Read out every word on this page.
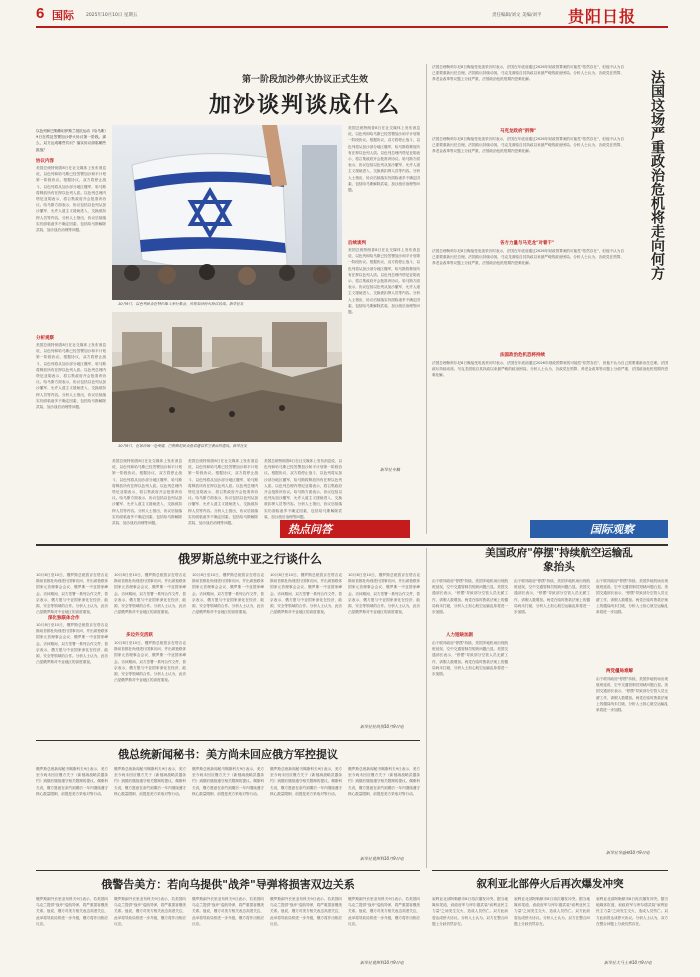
6 国际	2025年10月10日 星期五	责任编辑/刘文 美编/刘平 贵阳日报
第一阶段加沙停火协议正式生效
加沙谈判谈成什么
以色列和巴勒斯坦伊斯兰抵抗运动（哈马斯）9日在埃及签署加沙停火协议第一阶段。那么，双方达成哪些共识？落实协议面临哪些挑战？
协议内容
美国总统特朗普8日在社交媒体上发布消息说，以色列和哈马斯已经签署加沙和平计划第一阶段协议。根据协议，双方将停止战斗，以色列将从加沙部分地区撤军，哈马斯将释放所有在押以色列人质。以色列总理内塔尼亚胡表示，将召集政府开会批准该协议。哈马斯方面表示，协议包括以色列从加沙撤军、允许人道主义援助进入、交换被扣押人员等内容。分析人士指出，协议后续落实仍面临诸多不确定因素，包括哈马斯解除武装、加沙战后治理等问题。
分析观察
美国总统特朗普8日在社交媒体上发布消息说，以色列和哈马斯已经签署加沙和平计划第一阶段协议。根据协议，双方将停止战斗，以色列将从加沙部分地区撤军，哈马斯将释放所有在押以色列人质。以色列总理内塔尼亚胡表示，将召集政府开会批准该协议。哈马斯方面表示，协议包括以色列从加沙撤军、允许人道主义援助进入、交换被扣押人员等内容。分析人士指出，协议后续落实仍面临诸多不确定因素，包括哈马斯解除武装、加沙战后治理等问题。
10月9日，以色列民众在特拉维夫举行集会，庆祝加沙停火协议达成。新华社发
10月9日，在加沙城一处废墟，巴勒斯坦民众查看遭以军空袭后的建筑。新华社发
美国总统特朗普8日在社交媒体上发布消息说，以色列和哈马斯已经签署加沙和平计划第一阶段协议。根据协议，双方将停止战斗，以色列将从加沙部分地区撤军，哈马斯将释放所有在押以色列人质。以色列总理内塔尼亚胡表示，将召集政府开会批准该协议。哈马斯方面表示，协议包括以色列从加沙撤军、允许人道主义援助进入、交换被扣押人员等内容。分析人士指出，协议后续落实仍面临诸多不确定因素，包括哈马斯解除武装、加沙战后治理等问题。
美国总统特朗普8日在社交媒体上发布消息说，以色列和哈马斯已经签署加沙和平计划第一阶段协议。根据协议，双方将停止战斗，以色列将从加沙部分地区撤军，哈马斯将释放所有在押以色列人质。以色列总理内塔尼亚胡表示，将召集政府开会批准该协议。哈马斯方面表示，协议包括以色列从加沙撤军、允许人道主义援助进入、交换被扣押人员等内容。分析人士指出，协议后续落实仍面临诸多不确定因素，包括哈马斯解除武装、加沙战后治理等问题。
美国总统特朗普8日在社交媒体上发布消息说，以色列和哈马斯已经签署加沙和平计划第一阶段协议。根据协议，双方将停止战斗，以色列将从加沙部分地区撤军，哈马斯将释放所有在押以色列人质。以色列总理内塔尼亚胡表示，将召集政府开会批准该协议。哈马斯方面表示，协议包括以色列从加沙撤军、允许人道主义援助进入、交换被扣押人员等内容。分析人士指出，协议后续落实仍面临诸多不确定因素，包括哈马斯解除武装、加沙战后治理等问题。
美国总统特朗普8日在社交媒体上发布消息说，以色列和哈马斯已经签署加沙和平计划第一阶段协议。根据协议，双方将停止战斗，以色列将从加沙部分地区撤军，哈马斯将释放所有在押以色列人质。以色列总理内塔尼亚胡表示，将召集政府开会批准该协议。哈马斯方面表示，协议包括以色列从加沙撤军、允许人道主义援助进入、交换被扣押人员等内容。分析人士指出，协议后续落实仍面临诸多不确定因素，包括哈马斯解除武装、加沙战后治理等问题。
后续谈判
美国总统特朗普8日在社交媒体上发布消息说，以色列和哈马斯已经签署加沙和平计划第一阶段协议。根据协议，双方将停止战斗，以色列将从加沙部分地区撤军，哈马斯将释放所有在押以色列人质。以色列总理内塔尼亚胡表示，将召集政府开会批准该协议。哈马斯方面表示，协议包括以色列从加沙撤军、允许人道主义援助进入、交换被扣押人员等内容。分析人士指出，协议后续落实仍面临诸多不确定因素，包括哈马斯解除武装、加沙战后治理等问题。
新华社专稿
热点问答	国际观察
法国总理勒科尔尼8日晚接受电视采访时表示，法国在年底前通过2026年财政预算案的可能性"依然存在"，但他不认为自己需要重新出任总理。法国政坛持续动荡，马克龙面临自其执政以来最严峻的政治困局。分析人士认为，各政党在预算、养老金改革等议题上分歧严重，法国政治危机短期内恐难化解。
马克龙政府"拆弹"
法国总理勒科尔尼8日晚接受电视采访时表示，法国在年底前通过2026年财政预算案的可能性"依然存在"，但他不认为自己需要重新出任总理。法国政坛持续动荡，马克龙面临自其执政以来最严峻的政治困局。分析人士认为，各政党在预算、养老金改革等议题上分歧严重，法国政治危机短期内恐难化解。
各方力量与马克龙"对着干"
法国总理勒科尔尼8日晚接受电视采访时表示，法国在年底前通过2026年财政预算案的可能性"依然存在"，但他不认为自己需要重新出任总理。法国政坛持续动荡，马克龙面临自其执政以来最严峻的政治困局。分析人士认为，各政党在预算、养老金改革等议题上分歧严重，法国政治危机短期内恐难化解。
法国政治危机恐将持续
法国总理勒科尔尼8日晚接受电视采访时表示，法国在年底前通过2026年财政预算案的可能性"依然存在"，但他不认为自己需要重新出任总理。法国政坛持续动荡，马克龙面临自其执政以来最严峻的政治困局。分析人士认为，各政党在预算、养老金改革等议题上分歧严重，法国政治危机短期内恐难化解。
法国这场严重政治危机将走向何方
俄罗斯总统中亚之行谈什么
10月8日至10日，俄罗斯总统普京在塔吉克斯坦首都杜尚别进行国事访问，并出席独联体国家元首理事会会议、俄罗斯－中亚国家峰会。访问期间，双方签署一系列合作文件，普京表示，俄方愿与中亚国家深化在经济、能源、安全等领域的合作。分析人士认为，此访凸显俄罗斯对中亚地区的高度重视。
深化独联体合作
10月8日至10日，俄罗斯总统普京在塔吉克斯坦首都杜尚别进行国事访问，并出席独联体国家元首理事会会议、俄罗斯－中亚国家峰会。访问期间，双方签署一系列合作文件，普京表示，俄方愿与中亚国家深化在经济、能源、安全等领域的合作。分析人士认为，此访凸显俄罗斯对中亚地区的高度重视。
10月8日至10日，俄罗斯总统普京在塔吉克斯坦首都杜尚别进行国事访问，并出席独联体国家元首理事会会议、俄罗斯－中亚国家峰会。访问期间，双方签署一系列合作文件，普京表示，俄方愿与中亚国家深化在经济、能源、安全等领域的合作。分析人士认为，此访凸显俄罗斯对中亚地区的高度重视。
多边外交活跃
10月8日至10日，俄罗斯总统普京在塔吉克斯坦首都杜尚别进行国事访问，并出席独联体国家元首理事会会议、俄罗斯－中亚国家峰会。访问期间，双方签署一系列合作文件，普京表示，俄方愿与中亚国家深化在经济、能源、安全等领域的合作。分析人士认为，此访凸显俄罗斯对中亚地区的高度重视。
10月8日至10日，俄罗斯总统普京在塔吉克斯坦首都杜尚别进行国事访问，并出席独联体国家元首理事会会议、俄罗斯－中亚国家峰会。访问期间，双方签署一系列合作文件，普京表示，俄方愿与中亚国家深化在经济、能源、安全等领域的合作。分析人士认为，此访凸显俄罗斯对中亚地区的高度重视。
10月8日至10日，俄罗斯总统普京在塔吉克斯坦首都杜尚别进行国事访问，并出席独联体国家元首理事会会议、俄罗斯－中亚国家峰会。访问期间，双方签署一系列合作文件，普京表示，俄方愿与中亚国家深化在经济、能源、安全等领域的合作。分析人士认为，此访凸显俄罗斯对中亚地区的高度重视。
10月8日至10日，俄罗斯总统普京在塔吉克斯坦首都杜尚别进行国事访问，并出席独联体国家元首理事会会议、俄罗斯－中亚国家峰会。访问期间，双方签署一系列合作文件，普京表示，俄方愿与中亚国家深化在经济、能源、安全等领域的合作。分析人士认为，此访凸显俄罗斯对中亚地区的高度重视。
新华社杜尚别10月9日电
美国政府"停摆"持续航空运输乱象抬头
由于联邦政府"停摆"持续，美国多地机场出现航班延误，空中交通管制员短缺问题凸显。美国交通部长表示，"停摆"导致部分空管人员无薪工作，请假人数增加。两党在临时拨款法案上的僵局尚未打破，分析人士担心航空运输乱象将进一步加剧。
人力短缺加剧
由于联邦政府"停摆"持续，美国多地机场出现航班延误，空中交通管制员短缺问题凸显。美国交通部长表示，"停摆"导致部分空管人员无薪工作，请假人数增加。两党在临时拨款法案上的僵局尚未打破，分析人士担心航空运输乱象将进一步加剧。
由于联邦政府"停摆"持续，美国多地机场出现航班延误，空中交通管制员短缺问题凸显。美国交通部长表示，"停摆"导致部分空管人员无薪工作，请假人数增加。两党在临时拨款法案上的僵局尚未打破，分析人士担心航空运输乱象将进一步加剧。
两党僵局难解
由于联邦政府"停摆"持续，美国多地机场出现航班延误，空中交通管制员短缺问题凸显。美国交通部长表示，"停摆"导致部分空管人员无薪工作，请假人数增加。两党在临时拨款法案上的僵局尚未打破，分析人士担心航空运输乱象将进一步加剧。
由于联邦政府"停摆"持续，美国多地机场出现航班延误，空中交通管制员短缺问题凸显。美国交通部长表示，"停摆"导致部分空管人员无薪工作，请假人数增加。两党在临时拨款法案上的僵局尚未打破，分析人士担心航空运输乱象将进一步加剧。
新华社华盛顿10月9日电
俄总统新闻秘书：美方尚未回应俄方军控提议
俄罗斯总统新闻秘书佩斯科夫9日表示，美方至今尚未回应俄方关于《新削减战略武器条约》到期后继续遵守相关限制的提议。佩斯科夫说，俄方愿意在条约到期后一年内继续遵守核心数量限制，前提是美方采取对等行动。
俄罗斯总统新闻秘书佩斯科夫9日表示，美方至今尚未回应俄方关于《新削减战略武器条约》到期后继续遵守相关限制的提议。佩斯科夫说，俄方愿意在条约到期后一年内继续遵守核心数量限制，前提是美方采取对等行动。
俄罗斯总统新闻秘书佩斯科夫9日表示，美方至今尚未回应俄方关于《新削减战略武器条约》到期后继续遵守相关限制的提议。佩斯科夫说，俄方愿意在条约到期后一年内继续遵守核心数量限制，前提是美方采取对等行动。
俄罗斯总统新闻秘书佩斯科夫9日表示，美方至今尚未回应俄方关于《新削减战略武器条约》到期后继续遵守相关限制的提议。佩斯科夫说，俄方愿意在条约到期后一年内继续遵守核心数量限制，前提是美方采取对等行动。
俄罗斯总统新闻秘书佩斯科夫9日表示，美方至今尚未回应俄方关于《新削减战略武器条约》到期后继续遵守相关限制的提议。佩斯科夫说，俄方愿意在条约到期后一年内继续遵守核心数量限制，前提是美方采取对等行动。
新华社莫斯科10月9日电
俄警告美方：若向乌提供"战斧"导弹将损害双边关系
俄罗斯副外长里亚布科夫9日表示，若美国向乌克兰提供"战斧"巡航导弹，将严重损害俄美关系。他说，俄方对美方相关表态高度关注，此举将导致局势进一步升级，俄方将作出相应反应。
俄罗斯副外长里亚布科夫9日表示，若美国向乌克兰提供"战斧"巡航导弹，将严重损害俄美关系。他说，俄方对美方相关表态高度关注，此举将导致局势进一步升级，俄方将作出相应反应。
俄罗斯副外长里亚布科夫9日表示，若美国向乌克兰提供"战斧"巡航导弹，将严重损害俄美关系。他说，俄方对美方相关表态高度关注，此举将导致局势进一步升级，俄方将作出相应反应。
俄罗斯副外长里亚布科夫9日表示，若美国向乌克兰提供"战斧"巡航导弹，将严重损害俄美关系。他说，俄方对美方相关表态高度关注，此举将导致局势进一步升级，俄方将作出相应反应。
俄罗斯副外长里亚布科夫9日表示，若美国向乌克兰提供"战斧"巡航导弹，将严重损害俄美关系。他说，俄方对美方相关表态高度关注，此举将导致局势进一步升级，俄方将作出相应反应。
新华社莫斯科10月9日电
叙利亚北部停火后再次爆发冲突
叙利亚北部阿勒颇市8日再次爆发冲突。据当地媒体报道，叙政府军与库尔德武装"叙利亚民主力量"之间发生交火，造成人员伤亡。双方此前曾达成停火协议。分析人士认为，双方在整合问题上分歧仍然存在。
叙利亚北部阿勒颇市8日再次爆发冲突。据当地媒体报道，叙政府军与库尔德武装"叙利亚民主力量"之间发生交火，造成人员伤亡。双方此前曾达成停火协议。分析人士认为，双方在整合问题上分歧仍然存在。
叙利亚北部阿勒颇市8日再次爆发冲突。据当地媒体报道，叙政府军与库尔德武装"叙利亚民主力量"之间发生交火，造成人员伤亡。双方此前曾达成停火协议。分析人士认为，双方在整合问题上分歧仍然存在。
新华社大马士革10月9日电
